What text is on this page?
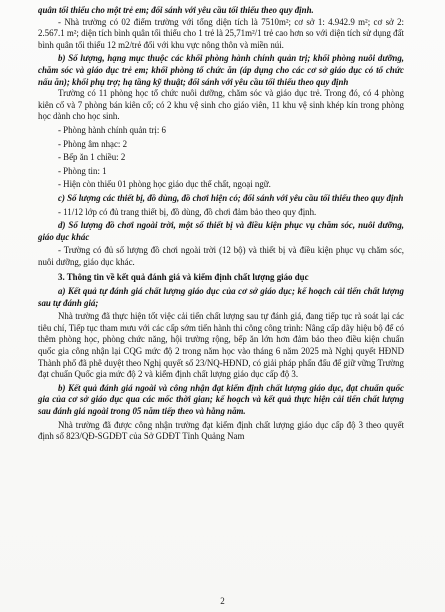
quân tối thiểu cho một trẻ em; đối sánh với yêu cầu tối thiểu theo quy định.

- Nhà trường có 02 điểm trường với tổng diện tích là 7510m²; cơ sở 1: 4.942.9 m²; cơ sở 2: 2.567.1 m²; diện tích bình quân tối thiểu cho 1 trẻ là 25,71m²/1 trẻ cao hơn so với diện tích sử dụng đất bình quân tối thiểu 12 m2/trẻ đối với khu vực nông thôn và miền núi.

b) Số lượng, hạng mục thuộc các khối phòng hành chính quản trị; khối phòng nuôi dưỡng, chăm sóc và giáo dục trẻ em; khối phòng tổ chức ăn (áp dụng cho các cơ sở giáo dục có tổ chức nấu ăn); khối phụ trợ; hạ tầng kỹ thuật; đối sánh với yêu cầu tối thiểu theo quy định

Trường có 11 phòng học tổ chức nuôi dưỡng, chăm sóc và giáo dục trẻ. Trong đó, có 4 phòng kiên cố và 7 phòng bán kiên cố; có 2 khu vệ sinh cho giáo viên, 11 khu vệ sinh khép kín trong phòng học dành cho học sinh.

- Phòng hành chính quản trị: 6

- Phòng âm nhạc: 2

- Bếp ăn 1 chiều: 2

- Phòng tin: 1

- Hiện còn thiếu 01 phòng học giáo dục thể chất, ngoại ngữ.

c) Số lượng các thiết bị, đồ dùng, đồ chơi hiện có; đối sánh với yêu cầu tối thiểu theo quy định

- 11/12 lớp có đủ trang thiết bị, đồ dùng, đồ chơi đảm bảo theo quy định.

d) Số lượng đồ chơi ngoài trời, một số thiết bị và điều kiện phục vụ chăm sóc, nuôi dưỡng, giáo dục khác

- Trường có đủ số lượng đồ chơi ngoài trời (12 bộ) và thiết bị và điều kiện phục vụ chăm sóc, nuôi dưỡng, giáo dục khác.

3. Thông tin về kết quả đánh giá và kiểm định chất lượng giáo dục

a) Kết quả tự đánh giá chất lượng giáo dục của cơ sở giáo dục; kế hoạch cải tiến chất lượng sau tự đánh giá;

Nhà trường đã thực hiện tốt việc cải tiến chất lượng sau tự đánh giá, đang tiếp tục rà soát lại các tiêu chí, Tiếp tục tham mưu với các cấp sớm tiến hành thi công công trình: Nâng cấp dãy hiệu bộ để có thêm phòng học, phòng chức năng, hội trường rộng, bếp ăn lớn hơn đảm bảo theo điều kiện chuẩn quốc gia công nhận lại CQG mức độ 2 trong năm học vào tháng 6 năm 2025 mà Nghị quyết HĐND Thành phố đã phê duyệt theo Nghị quyết số 23/NQ-HĐND, có giải pháp phấn đấu để giữ vững Trường đạt chuẩn Quốc gia mức độ 2 và kiểm định chất lượng giáo dục cấp độ 3.

b) Kết quả đánh giá ngoài và công nhận đạt kiểm định chất lượng giáo dục, đạt chuẩn quốc gia của cơ sở giáo dục qua các mốc thời gian; kế hoạch và kết quả thực hiện cải tiến chất lượng sau đánh giá ngoài trong 05 năm tiếp theo và hằng năm.

Nhà trường đã được công nhận trường đạt kiểm định chất lượng giáo dục cấp độ 3 theo quyết định số 823/QĐ-SGDĐT của Sở GDĐT Tỉnh Quảng Nam

2
